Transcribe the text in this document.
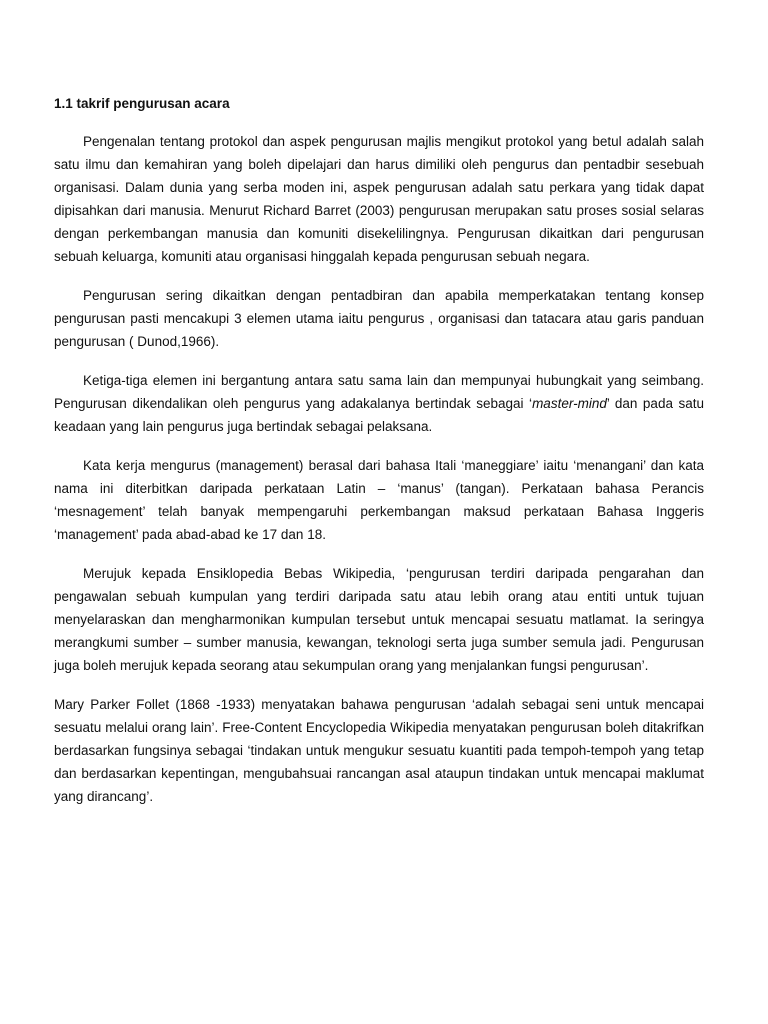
1.1 takrif pengurusan acara

Pengenalan tentang protokol dan aspek pengurusan majlis mengikut protokol yang betul adalah salah satu ilmu dan kemahiran yang boleh dipelajari dan harus dimiliki oleh pengurus dan pentadbir sesebuah organisasi. Dalam dunia yang serba moden ini, aspek pengurusan adalah satu perkara yang tidak dapat dipisahkan dari manusia. Menurut Richard Barret (2003) pengurusan merupakan satu proses sosial selaras dengan perkembangan manusia dan komuniti disekelilingnya. Pengurusan dikaitkan dari pengurusan sebuah keluarga, komuniti atau organisasi hinggalah kepada pengurusan sebuah negara.

Pengurusan sering dikaitkan dengan pentadbiran dan apabila memperkatakan tentang konsep pengurusan pasti mencakupi 3 elemen utama iaitu pengurus , organisasi dan tatacara atau garis panduan pengurusan ( Dunod,1966).

Ketiga-tiga elemen ini bergantung antara satu sama lain dan mempunyai hubungkait yang seimbang. Pengurusan dikendalikan oleh pengurus yang adakalanya bertindak sebagai ‘master-mind’ dan pada satu keadaan yang lain pengurus juga bertindak sebagai pelaksana.

Kata kerja mengurus (management) berasal dari bahasa Itali ‘maneggiare’ iaitu ‘menangani’ dan kata nama ini diterbitkan daripada perkataan Latin – ‘manus’ (tangan). Perkataan bahasa Perancis ‘mesnagement’ telah banyak mempengaruhi perkembangan maksud perkataan Bahasa Inggeris ‘management’ pada abad-abad ke 17 dan 18.

Merujuk kepada Ensiklopedia Bebas Wikipedia, ‘pengurusan terdiri daripada pengarahan dan pengawalan sebuah kumpulan yang terdiri daripada satu atau lebih orang atau entiti untuk tujuan menyelaraskan dan mengharmonikan kumpulan tersebut untuk mencapai sesuatu matlamat. Ia seringya merangkumi sumber – sumber manusia, kewangan, teknologi serta juga sumber semula jadi. Pengurusan juga boleh merujuk kepada seorang atau sekumpulan orang yang menjalankan fungsi pengurusan’.

Mary Parker Follet (1868 -1933) menyatakan bahawa pengurusan ‘adalah sebagai seni untuk mencapai sesuatu melalui orang lain’. Free-Content Encyclopedia Wikipedia menyatakan pengurusan boleh ditakrifkan berdasarkan fungsinya sebagai ‘tindakan untuk mengukur sesuatu kuantiti pada tempoh-tempoh yang tetap dan berdasarkan kepentingan, mengubahsuai rancangan asal ataupun tindakan untuk mencapai maklumat yang dirancang’.
